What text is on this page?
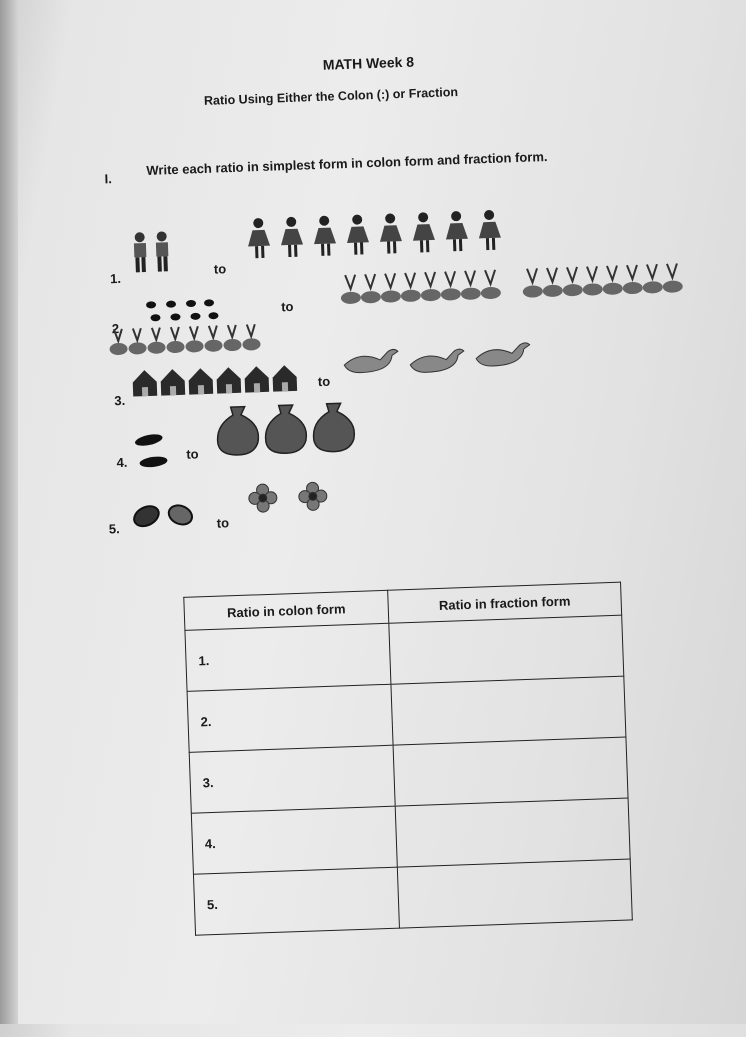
MATH Week 8
Ratio Using Either the Colon (:) or Fraction
I.
Write each ratio in simplest form in colon form and fraction form.
1.
to
2.
to
3.
to
4.
to
5.	to
Ratio in colon form	Ratio in fraction form
1.	
2.	
3.	
4.	
5.	
